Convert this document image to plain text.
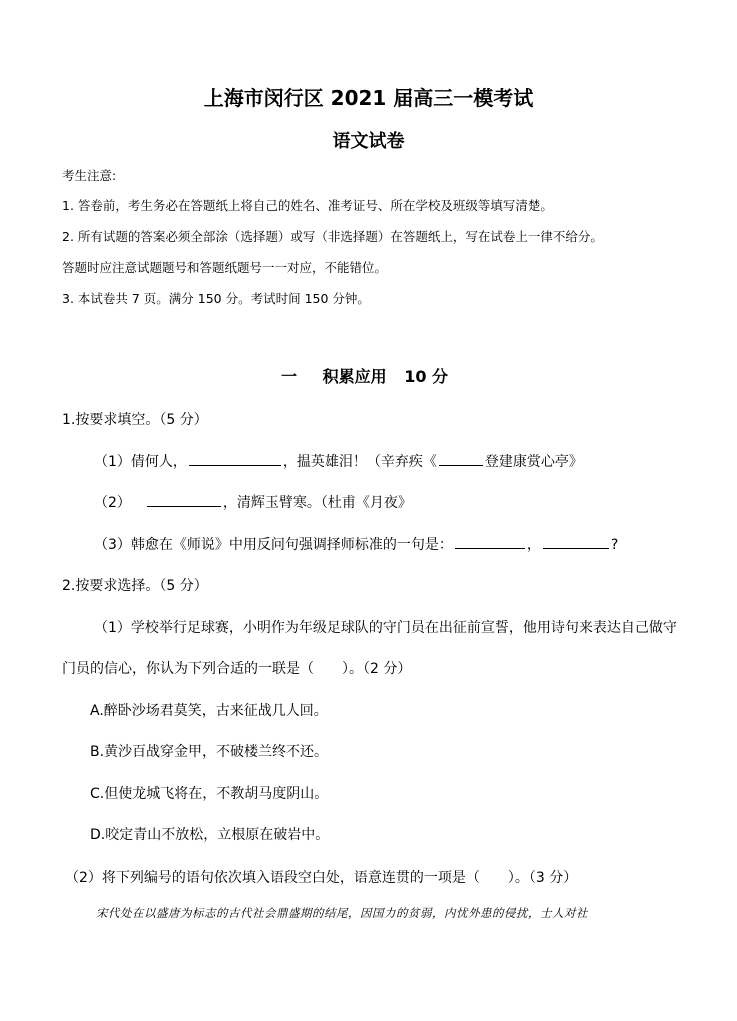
上海市闵行区 2021 届高三一模考试
语文试卷
考生注意:
1. 答卷前，考生务必在答题纸上将自己的姓名、准考证号、所在学校及班级等填写清楚。
2. 所有试题的答案必须全部涂（选择题）或写（非选择题）在答题纸上，写在试卷上一律不给分。
答题时应注意试题题号和答题纸题号一一对应，不能错位。
3. 本试卷共 7 页。满分 150 分。考试时间 150 分钟。
一 积累应用 10 分
1.按要求填空。（5 分）
（1）倩何人，	，揾英雄泪！（辛弃疾《	登建康赏心亭》
（2）	，清辉玉臂寒。（杜甫《月夜》
（3）韩愈在《师说》中用反问句强调择师标准的一句是：	，	?
2.按要求选择。（5 分）
（1）学校举行足球赛，小明作为年级足球队的守门员在出征前宣誓，他用诗句来表达自己做守
门员的信心，你认为下列合适的一联是（　　）。（2 分）
A.醉卧沙场君莫笑，古来征战几人回。
B.黄沙百战穿金甲，不破楼兰终不还。
C.但使龙城飞将在，不教胡马度阴山。
D.咬定青山不放松，立根原在破岩中。
（2）将下列编号的语句依次填入语段空白处，语意连贯的一项是（　　）。（3 分）
宋代处在以盛唐为标志的古代社会鼎盛期的结尾，因国力的贫弱，内忧外患的侵扰，士人对社
